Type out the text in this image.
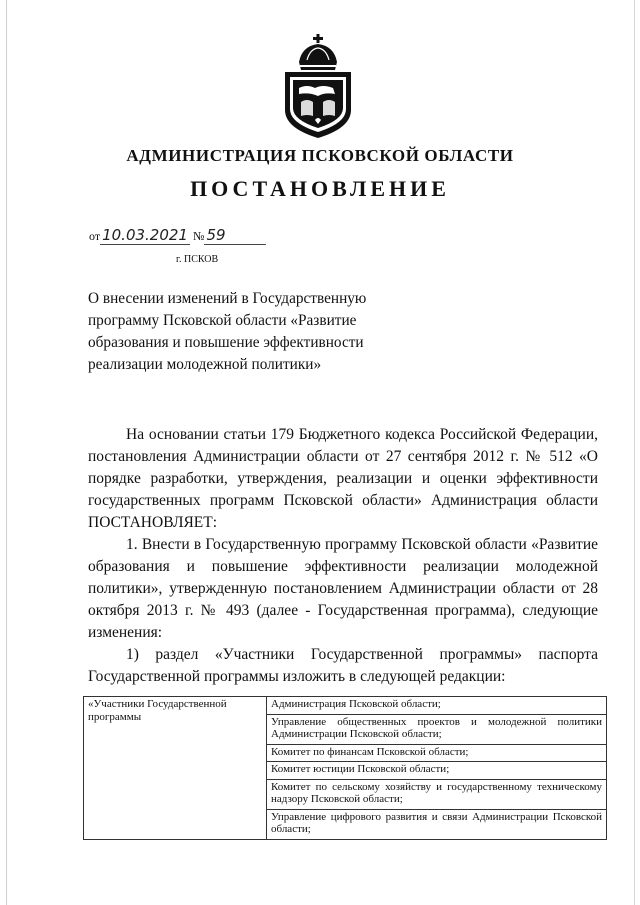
АДМИНИСТРАЦИЯ ПСКОВСКОЙ ОБЛАСТИ
ПОСТАНОВЛЕНИЕ
от 10.03.2021 № 59
г. ПСКОВ
О внесении изменений в Государственную программу Псковской области «Развитие образования и повышение эффективности реализации молодежной политики»

На основании статьи 179 Бюджетного кодекса Российской Федерации, постановления Администрации области от 27 сентября 2012 г. № 512 «О порядке разработки, утверждения, реализации и оценки эффективности государственных программ Псковской области» Администрация области ПОСТАНОВЛЯЕТ:

1. Внести в Государственную программу Псковской области «Развитие образования и повышение эффективности реализации молодежной политики», утвержденную постановлением Администрации области от 28 октября 2013 г. № 493 (далее - Государственная программа), следующие изменения:

1) раздел «Участники Государственной программы» паспорта Государственной программы изложить в следующей редакции:

«Участники Государственной программы	Администрация Псковской области;
Управление общественных проектов и молодежной политики Администрации Псковской области;
Комитет по финансам Псковской области;
Комитет юстиции Псковской области;
Комитет по сельскому хозяйству и государственному техническому надзору Псковской области;
Управление цифрового развития и связи Администрации Псковской области;
